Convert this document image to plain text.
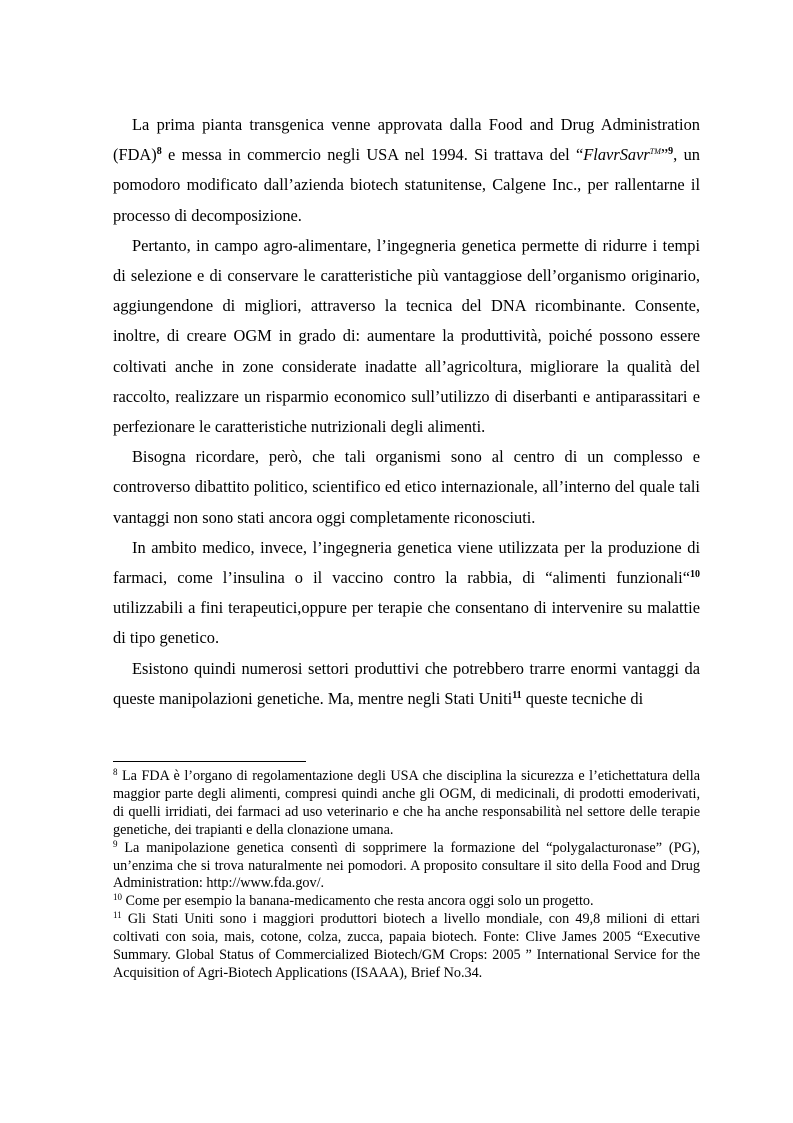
La prima pianta transgenica venne approvata dalla Food and Drug Administration (FDA)$^8$ e messa in commercio negli USA nel 1994. Si trattava del “FlavrSavr™”$^9$, un pomodoro modificato dall’azienda biotech statunitense, Calgene Inc., per rallentarne il processo di decomposizione.

Pertanto, in campo agro-alimentare, l’ingegneria genetica permette di ridurre i tempi di selezione e di conservare le caratteristiche più vantaggiose dell’organismo originario, aggiungendone di migliori, attraverso la tecnica del DNA ricombinante. Consente, inoltre, di creare OGM in grado di: aumentare la produttività, poiché possono essere coltivati anche in zone considerate inadatte all’agricoltura, migliorare la qualità del raccolto, realizzare un risparmio economico sull’utilizzo di diserbanti e antiparassitari e perfezionare le caratteristiche nutrizionali degli alimenti.

Bisogna ricordare, però, che tali organismi sono al centro di un complesso e controverso dibattito politico, scientifico ed etico internazionale, all’interno del quale tali vantaggi non sono stati ancora oggi completamente riconosciuti.

In ambito medico, invece, l’ingegneria genetica viene utilizzata per la produzione di farmaci, come l’insulina o il vaccino contro la rabbia, di “alimenti funzionali“$^{10}$ utilizzabili a fini terapeutici,oppure per terapie che consentano di intervenire su malattie di tipo genetico.

Esistono quindi numerosi settori produttivi che potrebbero trarre enormi vantaggi da queste manipolazioni genetiche. Ma, mentre negli Stati Uniti$^{11}$ queste tecniche di

$^8$ La FDA è l’organo di regolamentazione degli USA che disciplina la sicurezza e l’etichettatura della maggior parte degli alimenti, compresi quindi anche gli OGM, di medicinali, di prodotti emoderivati, di quelli irridiati, dei farmaci ad uso veterinario e che ha anche responsabilità nel settore delle terapie genetiche, dei trapianti e della clonazione umana.

$^9$ La manipolazione genetica consentì di sopprimere la formazione del “polygalacturonase” (PG), un’enzima che si trova naturalmente nei pomodori. A proposito consultare il sito della Food and Drug Administration: http://www.fda.gov/.

$^{10}$ Come per esempio la banana-medicamento che resta ancora oggi solo un progetto.

$^{11}$ Gli Stati Uniti sono i maggiori produttori biotech a livello mondiale, con 49,8 milioni di ettari coltivati con soia, mais, cotone, colza, zucca, papaia biotech. Fonte: Clive James 2005 “Executive Summary. Global Status of Commercialized Biotech/GM Crops: 2005 ” International Service for the Acquisition of Agri-Biotech Applications (ISAAA), Brief No.34.
